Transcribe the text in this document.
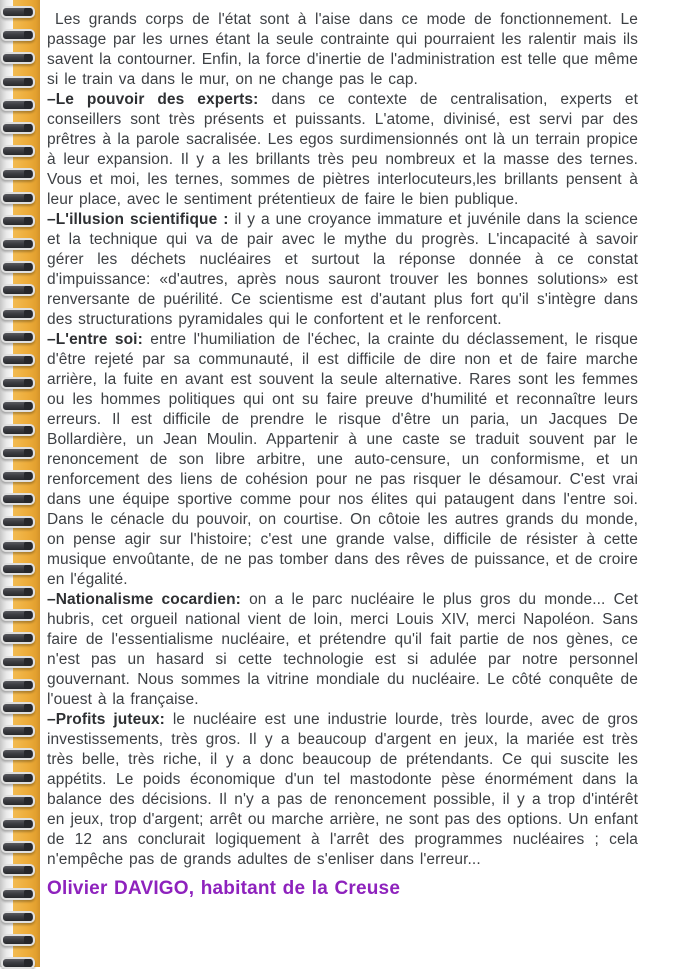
Les grands corps de l'état sont à l'aise dans ce mode de fonctionnement. Le passage par les urnes étant la seule contrainte qui pourraient les ralentir mais ils savent la contourner. Enfin, la force d'inertie de l'administration est telle que même si le train va dans le mur, on ne change pas le cap.

–Le pouvoir des experts: dans ce contexte de centralisation, experts et conseillers sont très présents et puissants. L'atome, divinisé, est servi par des prêtres à la parole sacralisée. Les egos surdimensionnés ont là un terrain propice à leur expansion. Il y a les brillants très peu nombreux et la masse des ternes. Vous et moi, les ternes, sommes de piètres interlocuteurs,les brillants pensent à leur place, avec le sentiment prétentieux de faire le bien publique.

–L'illusion scientifique : il y a une croyance immature et juvénile dans la science et la technique qui va de pair avec le mythe du progrès. L'incapacité à savoir gérer les déchets nucléaires et surtout la réponse donnée à ce constat d'impuissance: «d'autres, après nous sauront trouver les bonnes solutions» est renversante de puérilité. Ce scientisme est d'autant plus fort qu'il s'intègre dans des structurations pyramidales qui le confortent et le renforcent.

–L'entre soi: entre l'humiliation de l'échec, la crainte du déclassement, le risque d'être rejeté par sa communauté, il est difficile de dire non et de faire marche arrière, la fuite en avant est souvent la seule alternative. Rares sont les femmes ou les hommes politiques qui ont su faire preuve d'humilité et reconnaître leurs erreurs. Il est difficile de prendre le risque d'être un paria, un Jacques De Bollardière, un Jean Moulin. Appartenir à une caste se traduit souvent par le renoncement de son libre arbitre, une auto-censure, un conformisme, et un renforcement des liens de cohésion pour ne pas risquer le désamour. C'est vrai dans une équipe sportive comme pour nos élites qui pataugent dans l'entre soi. Dans le cénacle du pouvoir, on courtise. On côtoie les autres grands du monde, on pense agir sur l'histoire; c'est une grande valse, difficile de résister à cette musique envoûtante, de ne pas tomber dans des rêves de puissance, et de croire en l'égalité.

–Nationalisme cocardien: on a le parc nucléaire le plus gros du monde... Cet hubris, cet orgueil national vient de loin, merci Louis XIV, merci Napoléon. Sans faire de l'essentialisme nucléaire, et prétendre qu'il fait partie de nos gènes, ce n'est pas un hasard si cette technologie est si adulée par notre personnel gouvernant. Nous sommes la vitrine mondiale du nucléaire. Le côté conquête de l'ouest à la française.

–Profits juteux: le nucléaire est une industrie lourde, très lourde, avec de gros investissements, très gros. Il y a beaucoup d'argent en jeux, la mariée est très très belle, très riche, il y a donc beaucoup de prétendants. Ce qui suscite les appétits. Le poids économique d'un tel mastodonte pèse énormément dans la balance des décisions. Il n'y a pas de renoncement possible, il y a trop d'intérêt en jeux, trop d'argent; arrêt ou marche arrière, ne sont pas des options. Un enfant de 12 ans conclurait logiquement à l'arrêt des programmes nucléaires ; cela n'empêche pas de grands adultes de s'enliser dans l'erreur...

Olivier DAVIGO, habitant de la Creuse
